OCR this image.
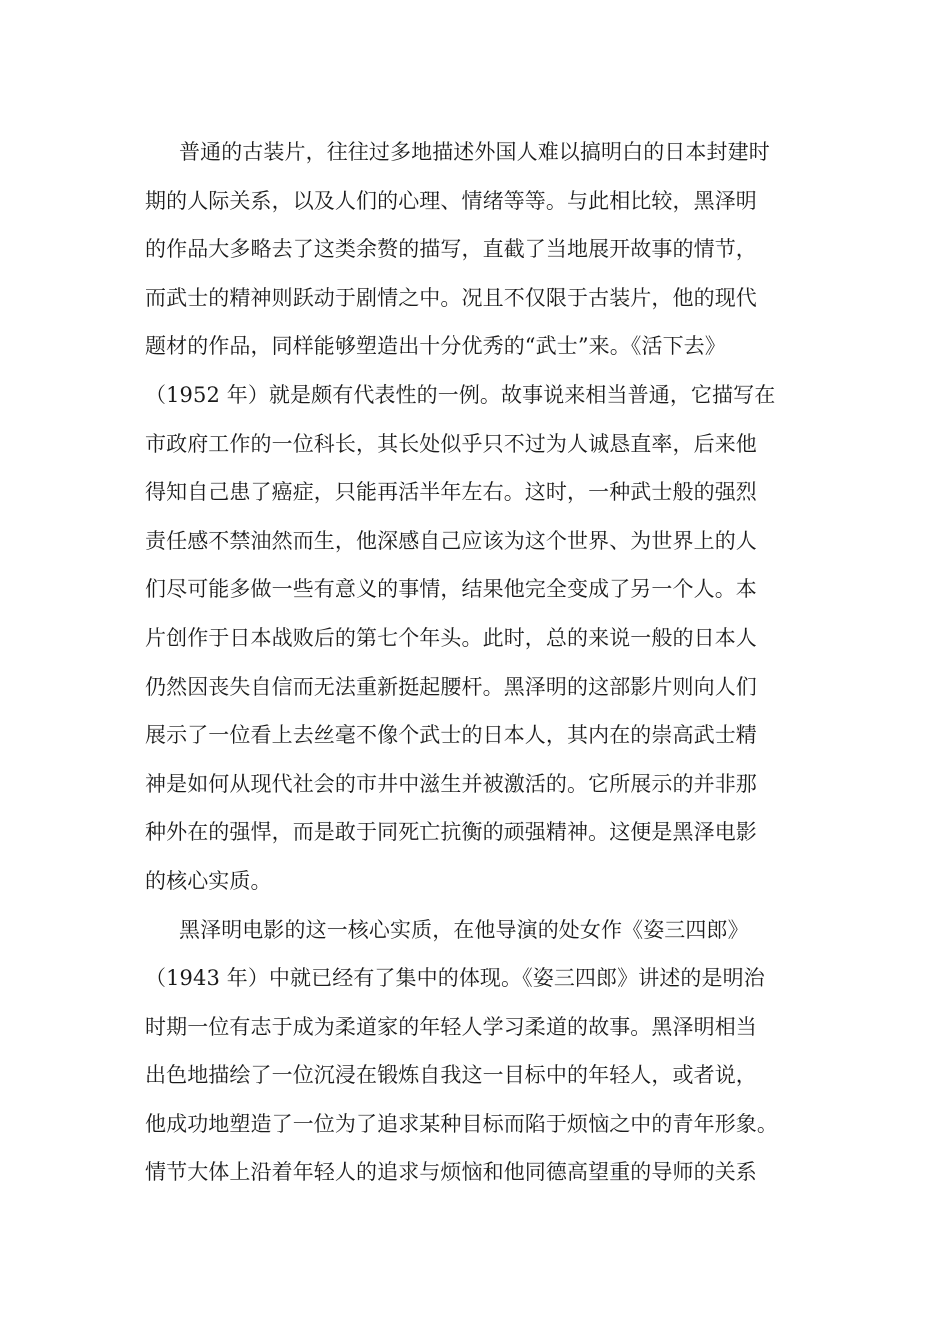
普通的古装片，往往过多地描述外国人难以搞明白的日本封建时
期的人际关系，以及人们的心理、情绪等等。与此相比较，黑泽明
的作品大多略去了这类余赘的描写，直截了当地展开故事的情节，
而武士的精神则跃动于剧情之中。况且不仅限于古装片，他的现代
题材的作品，同样能够塑造出十分优秀的“武士”来。《活下去》
（1952 年）就是颇有代表性的一例。故事说来相当普通，它描写在
市政府工作的一位科长，其长处似乎只不过为人诚恳直率，后来他
得知自己患了癌症，只能再活半年左右。这时，一种武士般的强烈
责任感不禁油然而生，他深感自己应该为这个世界、为世界上的人
们尽可能多做一些有意义的事情，结果他完全变成了另一个人。本
片创作于日本战败后的第七个年头。此时，总的来说一般的日本人
仍然因丧失自信而无法重新挺起腰杆。黑泽明的这部影片则向人们
展示了一位看上去丝毫不像个武士的日本人，其内在的崇高武士精
神是如何从现代社会的市井中滋生并被激活的。它所展示的并非那
种外在的强悍，而是敢于同死亡抗衡的顽强精神。这便是黑泽电影
的核心实质。
黑泽明电影的这一核心实质，在他导演的处女作《姿三四郎》
（1943 年）中就已经有了集中的体现。《姿三四郎》讲述的是明治
时期一位有志于成为柔道家的年轻人学习柔道的故事。黑泽明相当
出色地描绘了一位沉浸在锻炼自我这一目标中的年轻人，或者说，
他成功地塑造了一位为了追求某种目标而陷于烦恼之中的青年形象。
情节大体上沿着年轻人的追求与烦恼和他同德高望重的导师的关系
